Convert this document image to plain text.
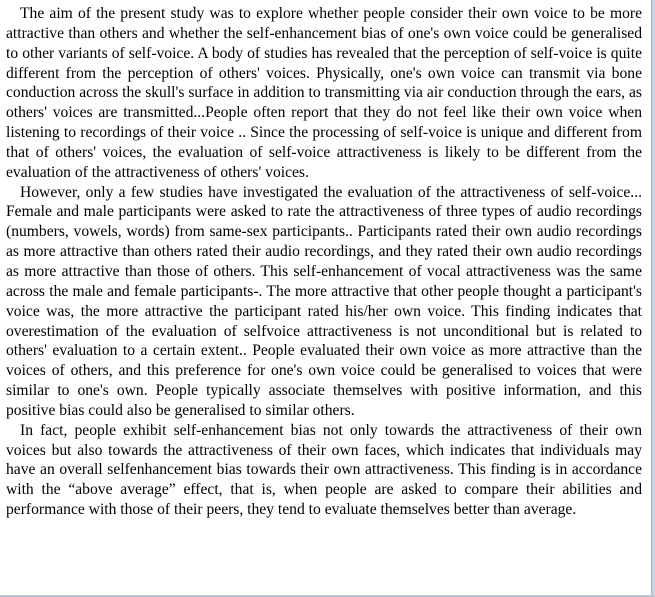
The aim of the present study was to explore whether people consider their own voice to be more attractive than others and whether the self-enhancement bias of one's own voice could be generalised to other variants of self-voice. A body of studies has revealed that the perception of self-voice is quite different from the perception of others' voices. Physically, one's own voice can transmit via bone conduction across the skull's surface in addition to transmitting via air conduction through the ears, as others' voices are transmitted...People often report that they do not feel like their own voice when listening to recordings of their voice .. Since the processing of self-voice is unique and different from that of others' voices, the evaluation of self-voice attractiveness is likely to be different from the evaluation of the attractiveness of others' voices.

However, only a few studies have investigated the evaluation of the attractiveness of self-voice... Female and male participants were asked to rate the attractiveness of three types of audio recordings (numbers, vowels, words) from same-sex participants.. Participants rated their own audio recordings as more attractive than others rated their audio recordings, and they rated their own audio recordings as more attractive than those of others. This self-enhancement of vocal attractiveness was the same across the male and female participants-. The more attractive that other people thought a participant's voice was, the more attractive the participant rated his/her own voice. This finding indicates that overestimation of the evaluation of selfvoice attractiveness is not unconditional but is related to others' evaluation to a certain extent.. People evaluated their own voice as more attractive than the voices of others, and this preference for one's own voice could be generalised to voices that were similar to one's own. People typically associate themselves with positive information, and this positive bias could also be generalised to similar others.

In fact, people exhibit self-enhancement bias not only towards the attractiveness of their own voices but also towards the attractiveness of their own faces, which indicates that individuals may have an overall selfenhancement bias towards their own attractiveness. This finding is in accordance with the “above average” effect, that is, when people are asked to compare their abilities and performance with those of their peers, they tend to evaluate themselves better than average.
